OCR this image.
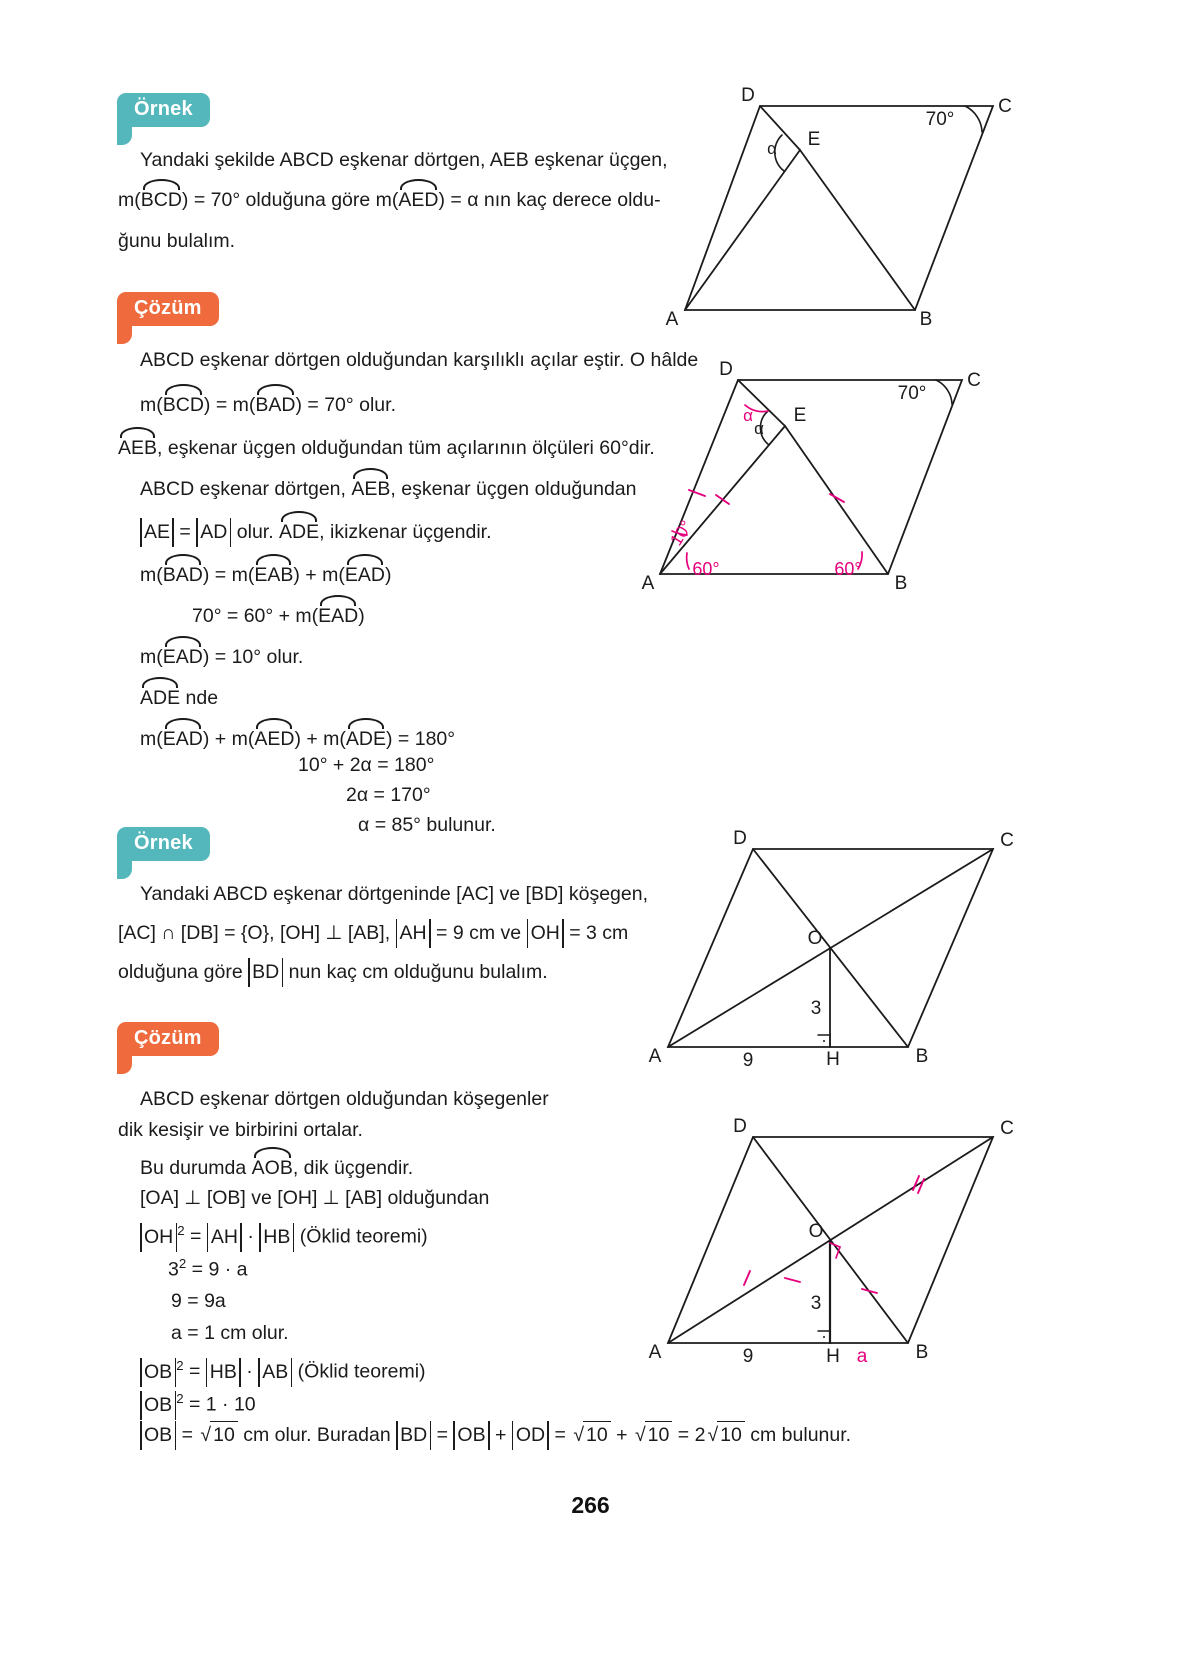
Örnek
Yandaki şekilde ABCD eşkenar dörtgen, AEB eşkenar üçgen,
m(
BCD) = 70° olduğuna göre m(
AED) = α nın kaç derece oldu-
ğunu bulalım.
D
C
A	B
E
70°
α
Çözüm
ABCD eşkenar dörtgen olduğundan karşılıklı açılar eştir. O hâlde
m(
BCD) = m(
BAD) = 70° olur.
AEB, eşkenar üçgen olduğundan tüm açılarının ölçüleri 60°dir.
ABCD eşkenar dörtgen,
AEB, eşkenar üçgen olduğundan
AE = AD olur.
ADE, ikizkenar üçgendir.
m(
BAD) = m(
EAB) + m(
EAD)
70° = 60° + m(
EAD)
m(
EAD) = 10° olur.
ADE nde
m(
EAD) + m(
AED) + m(
ADE) = 180°
10° + 2α = 180°
2α = 170°
α = 85° bulunur.
D
C
A	B
E
70°
α
α
10°
60°	60°
Örnek
Yandaki ABCD eşkenar dörtgeninde [AC] ve [BD] köşegen,
[AC] ∩ [DB] = {O}, [OH] ⊥ [AB], AH = 9 cm ve OH = 3 cm
olduğuna göre BD nun kaç cm olduğunu bulalım.
D	C
A	B
O
H
3
9
Çözüm
ABCD eşkenar dörtgen olduğundan köşegenler
dik kesişir ve birbirini ortalar.
Bu durumda
AOB, dik üçgendir.
[OA] ⊥ [OB] ve [OH] ⊥ [AB] olduğundan
OH $^2$ = AH · HB (Öklid teoremi)
$3^2 = 9 \cdot a$
9 = 9a
a = 1 cm olur.
OB $^2$ = HB · AB (Öklid teoremi)
OB $^2$ = 1 · 10
OB = √ 10 cm olur. Buradan BD = OB + OD = √ 10 + √ 10 = 2 √ 10 cm bulunur.
D	C
A	B
O
H
3
9	a
266
